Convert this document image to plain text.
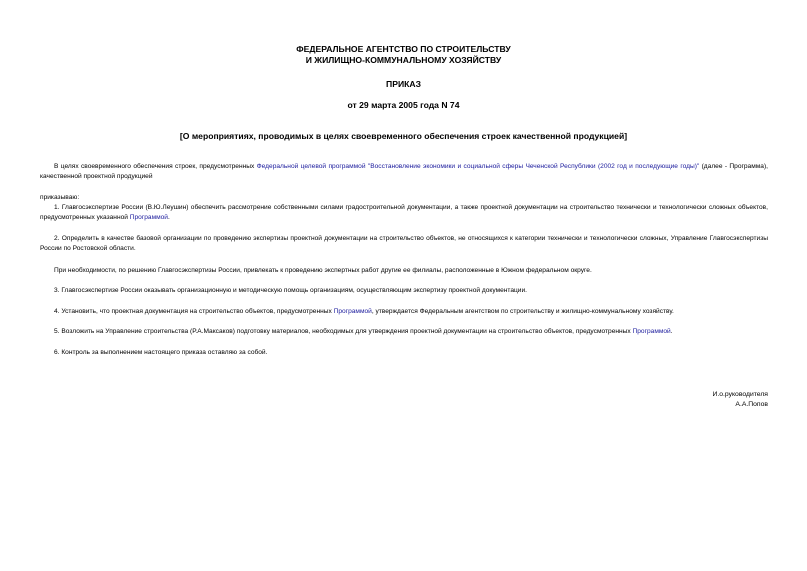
ФЕДЕРАЛЬНОЕ АГЕНТСТВО ПО СТРОИТЕЛЬСТВУ
И ЖИЛИЩНО-КОММУНАЛЬНОМУ ХОЗЯЙСТВУ
ПРИКАЗ
от 29 марта 2005 года N 74
[О мероприятиях, проводимых в целях своевременного обеспечения строек качественной продукцией]
В целях своевременного обеспечения строек, предусмотренных Федеральной целевой программой "Восстановление экономики и социальной сферы Чеченской Республики (2002 год и последующие годы)" (далее - Программа), качественной проектной продукцией
приказываю:
1. Главгосэкспертизе России (В.Ю.Леушин) обеспечить рассмотрение собственными силами градостроительной документации, а также проектной документации на строительство технически и технологически сложных объектов, предусмотренных указанной Программой.
2. Определить в качестве базовой организации по проведению экспертизы проектной документации на строительство объектов, не относящихся к категории технически и технологически сложных, Управление Главгосэкспертизы России по Ростовской области.
При необходимости, по решению Главгосэкспертизы России, привлекать к проведению экспертных работ другие ее филиалы, расположенные в Южном федеральном округе.
3. Главгосэкспертизе России оказывать организационную и методическую помощь организациям, осуществляющим экспертизу проектной документации.
4. Установить, что проектная документация на строительство объектов, предусмотренных Программой, утверждается Федеральным агентством по строительству и жилищно-коммунальному хозяйству.
5. Возложить на Управление строительства (Р.А.Максаков) подготовку материалов, необходимых для утверждения проектной документации на строительство объектов, предусмотренных Программой.
6. Контроль за выполнением настоящего приказа оставляю за собой.
И.о.руководителя
А.А.Попов
